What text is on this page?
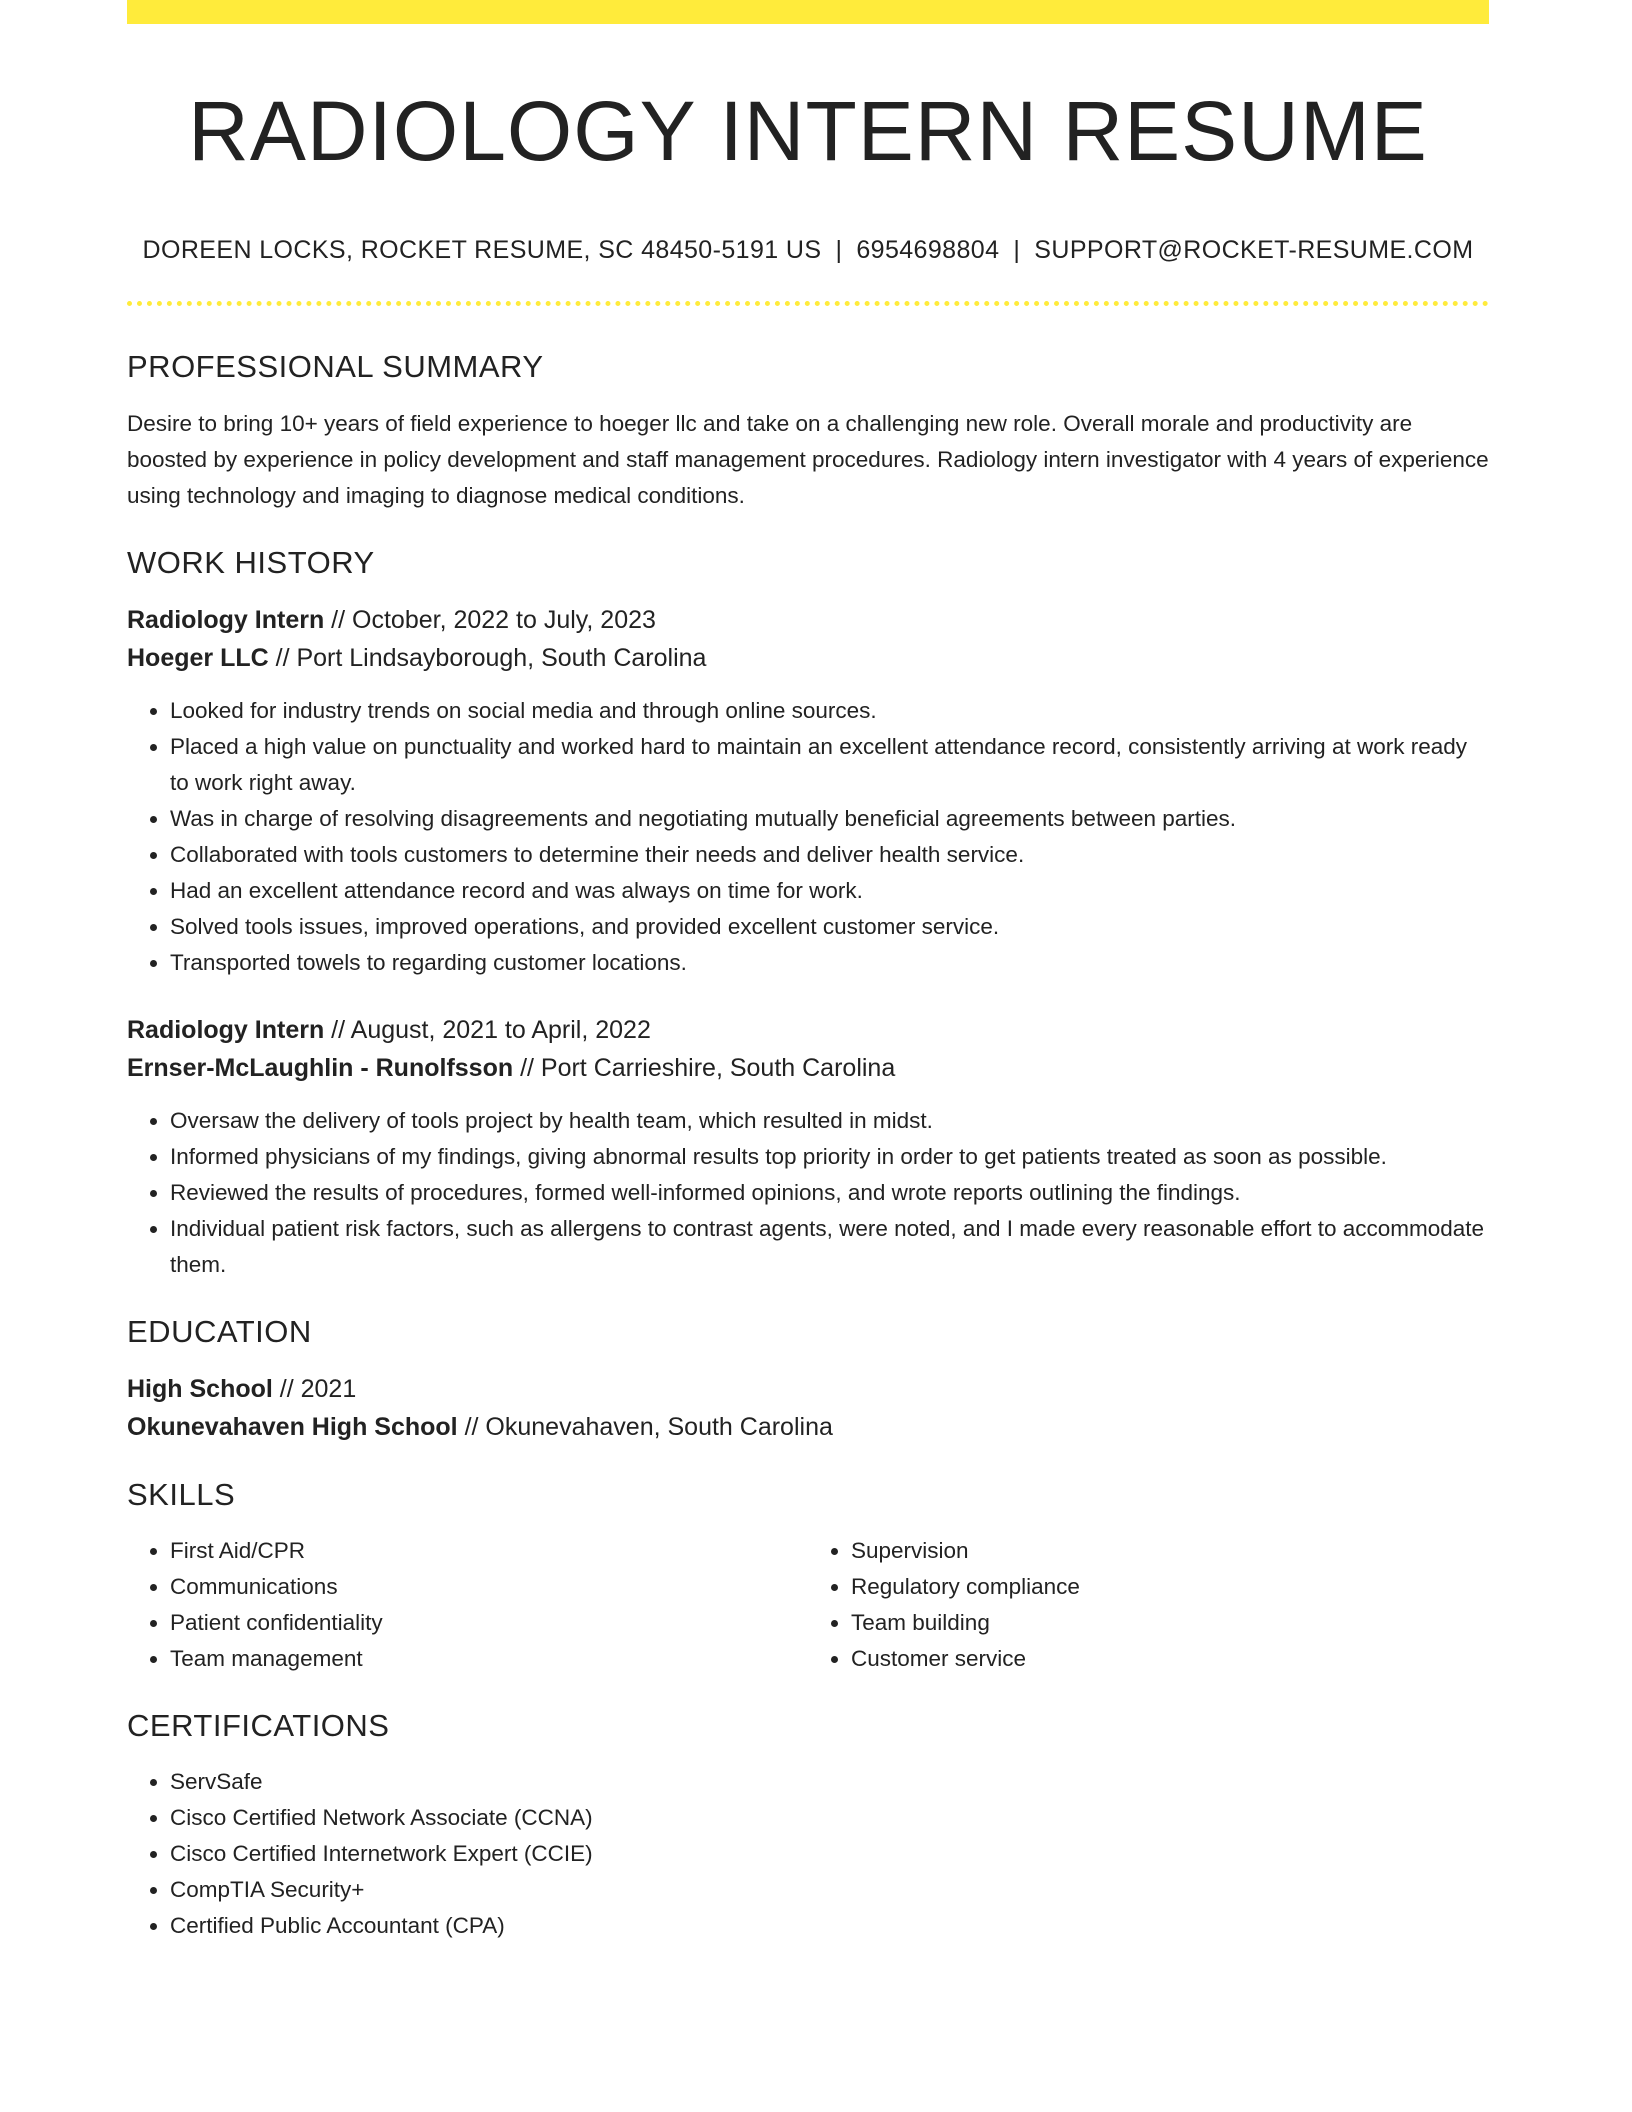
RADIOLOGY INTERN RESUME
DOREEN LOCKS, ROCKET RESUME, SC 48450-5191 US | 6954698804 | SUPPORT@ROCKET-RESUME.COM
PROFESSIONAL SUMMARY

Desire to bring 10+ years of field experience to hoeger llc and take on a challenging new role. Overall morale and productivity are boosted by experience in policy development and staff management procedures. Radiology intern investigator with 4 years of experience using technology and imaging to diagnose medical conditions.

WORK HISTORY
Radiology Intern // October, 2022 to July, 2023
Hoeger LLC // Port Lindsayborough, South Carolina
• Looked for industry trends on social media and through online sources.
• Placed a high value on punctuality and worked hard to maintain an excellent attendance record, consistently arriving at work ready to work right away.
• Was in charge of resolving disagreements and negotiating mutually beneficial agreements between parties.
• Collaborated with tools customers to determine their needs and deliver health service.
• Had an excellent attendance record and was always on time for work.
• Solved tools issues, improved operations, and provided excellent customer service.
• Transported towels to regarding customer locations.
Radiology Intern // August, 2021 to April, 2022
Ernser-McLaughlin - Runolfsson // Port Carrieshire, South Carolina
• Oversaw the delivery of tools project by health team, which resulted in midst.
• Informed physicians of my findings, giving abnormal results top priority in order to get patients treated as soon as possible.
• Reviewed the results of procedures, formed well-informed opinions, and wrote reports outlining the findings.
• Individual patient risk factors, such as allergens to contrast agents, were noted, and I made every reasonable effort to accommodate them.
EDUCATION
High School // 2021
Okunevahaven High School // Okunevahaven, South Carolina
SKILLS
• First Aid/CPR
• Communications
• Patient confidentiality
• Team management
• Supervision
• Regulatory compliance
• Team building
• Customer service
CERTIFICATIONS
• ServSafe
• Cisco Certified Network Associate (CCNA)
• Cisco Certified Internetwork Expert (CCIE)
• CompTIA Security+
• Certified Public Accountant (CPA)
